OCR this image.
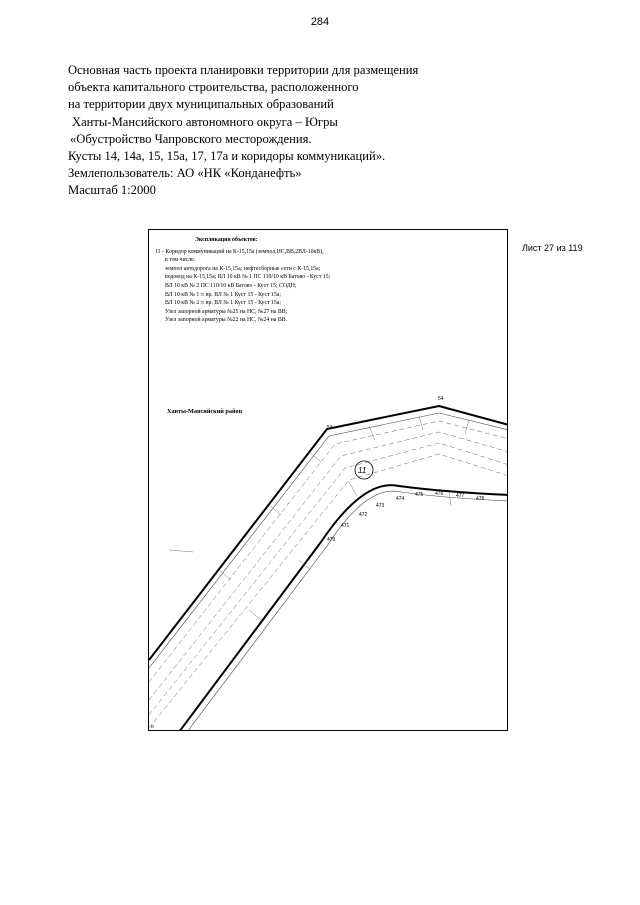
284
Основная часть проекта планировки территории для размещения
объекта капитального строительства, расположенного
на территории двух муниципальных образований
Ханты-Мансийского автономного округа – Югры
«Обустройство Чапровского месторождения.
Кусты 14, 14а, 15, 15а, 17, 17а и коридоры коммуникаций».
Землепользователь: АО «НК «Конданефть»
Масштаб 1:2000
Лист 27 из 119
11
53
54
470
471
472
473
474
475 476	477 478
o
Экспликация объектов:
11 - Коридор коммуникаций на К-15,15а (земпол,НС,ВВ,2ВЛ-10кВ),
в том числе:
земпол автодорога на К-15,15а; нефтесборные сети с К-15,15а;
водовод на К-15,15а; ВЛ 10 кВ № 1 ПС 110/10 кВ Батово - Куст 15;
ВЛ 10 кВ № 2 ПС 110/10 кВ Батово - Куст 15; СОДН;
ВЛ 10 кВ № 1 т. вр. ВЛ № 1 Куст 15 - Куст 15а;
ВЛ 10 кВ № 2 т. вр. ВЛ № 1 Куст 15 - Куст 15а;
Узел запорной арматуры №25 на НС, №27 на ВВ;
Узел запорной арматуры №22 на НС, №24 на ВВ.
Ханты-Мансийский район
